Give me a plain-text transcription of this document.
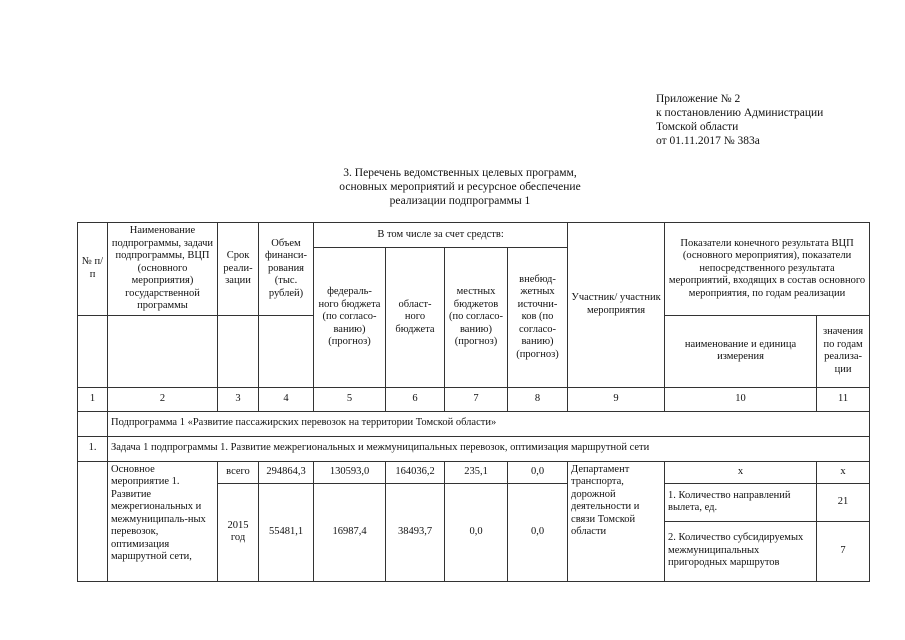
Приложение № 2
к постановлению Администрации
Томской области
от 01.11.2017 № 383а
3. Перечень ведомственных целевых программ,
основных мероприятий и ресурсное обеспечение
реализации подпрограммы 1
№ п/п	Наименование подпрограммы, задачи подпрограммы, ВЦП (основного мероприятия) государственной программы	Срок реали-зации	Объем финанси-рования (тыс. рублей)	В том числе за счет средств:				Участник/ участник мероприятия	Показатели конечного результата ВЦП (основного мероприятия), показатели непосредственного результата мероприятий, входящих в состав основного мероприятия, по годам реализации	
				федераль-ного бюджета (по согласо-ванию) (прогноз)	област-ного бюджета	местных бюджетов (по согласо-ванию) (прогноз)	внебюд-жетных источни-ков (по согласо-ванию) (прогноз)			
									наименование и единица измерения	значения по годам реализа-ции
1	2	3	4	5	6	7	8	9	10	11
	Подпрограмма 1 «Развитие пассажирских перевозок на территории Томской области»									
1.	Задача 1 подпрограммы 1. Развитие межрегиональных и межмуниципальных перевозок, оптимизация маршрутной сети									
	Основное мероприятие 1. Развитие межрегиональных и межмуниципаль-ных перевозок, оптимизация маршрутной сети,	всего	294864,3	130593,0	164036,2	235,1	0,0	Департамент транспорта, дорожной деятельности и связи Томской области	х	х
		2015 год	55481,1	16987,4	38493,7	0,0	0,0		1. Количество направлений вылета, ед.	21
									2. Количество субсидируемых межмуниципальных пригородных маршрутов	7
